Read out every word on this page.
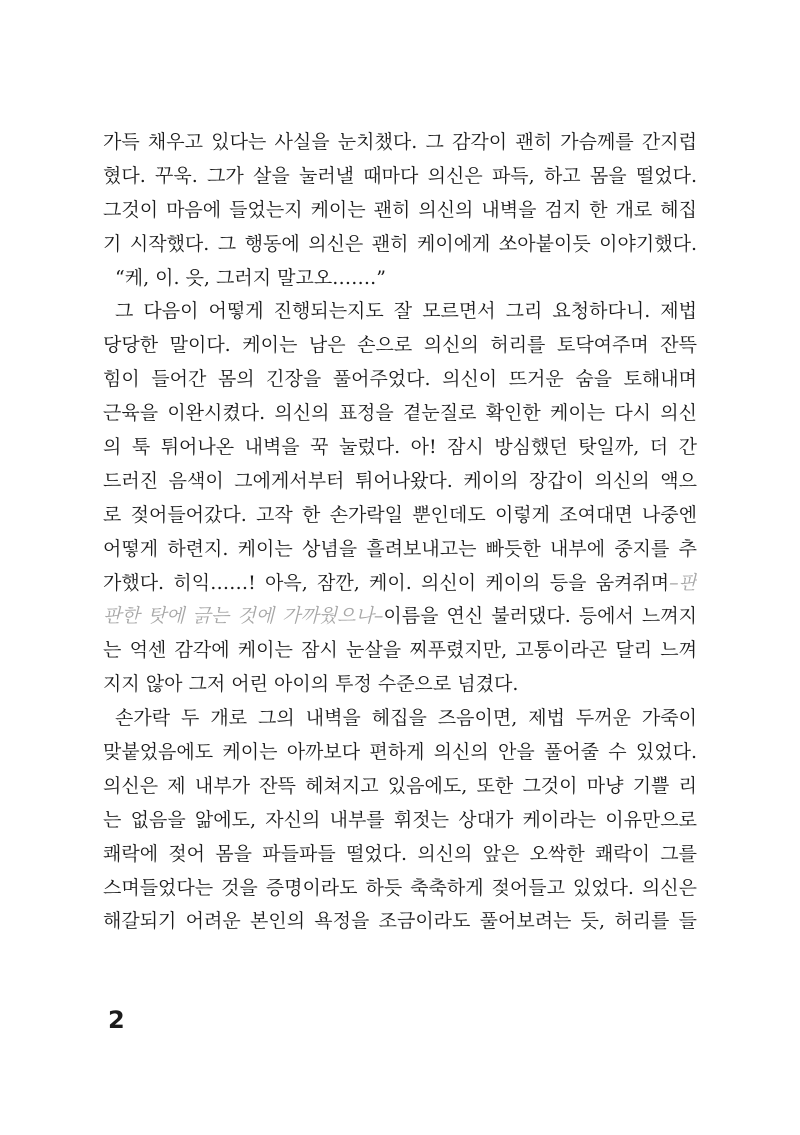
가득 채우고 있다는 사실을 눈치챘다. 그 감각이 괜히 가슴께를 간지럽
혔다. 꾸욱. 그가 살을 눌러낼 때마다 의신은 파득, 하고 몸을 떨었다.
그것이 마음에 들었는지 케이는 괜히 의신의 내벽을 검지 한 개로 헤집
기 시작했다. 그 행동에 의신은 괜히 케이에게 쏘아붙이듯 이야기했다.
“케, 이. 읏, 그러지 말고오…….”
그 다음이 어떻게 진행되는지도 잘 모르면서 그리 요청하다니. 제법
당당한 말이다. 케이는 남은 손으로 의신의 허리를 토닥여주며 잔뜩
힘이 들어간 몸의 긴장을 풀어주었다. 의신이 뜨거운 숨을 토해내며
근육을 이완시켰다. 의신의 표정을 곁눈질로 확인한 케이는 다시 의신
의 툭 튀어나온 내벽을 꾹 눌렀다. 아! 잠시 방심했던 탓일까, 더 간
드러진 음색이 그에게서부터 튀어나왔다. 케이의 장갑이 의신의 액으
로 젖어들어갔다. 고작 한 손가락일 뿐인데도 이렇게 조여대면 나중엔
어떻게 하련지. 케이는 상념을 흘려보내고는 빠듯한 내부에 중지를 추
가했다. 히익……! 아윽, 잠깐, 케이. 의신이 케이의 등을 움켜쥐며–판
판한 탓에 긁는 것에 가까웠으나–이름을 연신 불러댔다. 등에서 느껴지
는 억센 감각에 케이는 잠시 눈살을 찌푸렸지만, 고통이라곤 달리 느껴
지지 않아 그저 어린 아이의 투정 수준으로 넘겼다.
손가락 두 개로 그의 내벽을 헤집을 즈음이면, 제법 두꺼운 가죽이
맞붙었음에도 케이는 아까보다 편하게 의신의 안을 풀어줄 수 있었다.
의신은 제 내부가 잔뜩 헤쳐지고 있음에도, 또한 그것이 마냥 기쁠 리
는 없음을 앎에도, 자신의 내부를 휘젓는 상대가 케이라는 이유만으로
쾌락에 젖어 몸을 파들파들 떨었다. 의신의 앞은 오싹한 쾌락이 그를
스며들었다는 것을 증명이라도 하듯 축축하게 젖어들고 있었다. 의신은
해갈되기 어려운 본인의 욕정을 조금이라도 풀어보려는 듯, 허리를 들
2
